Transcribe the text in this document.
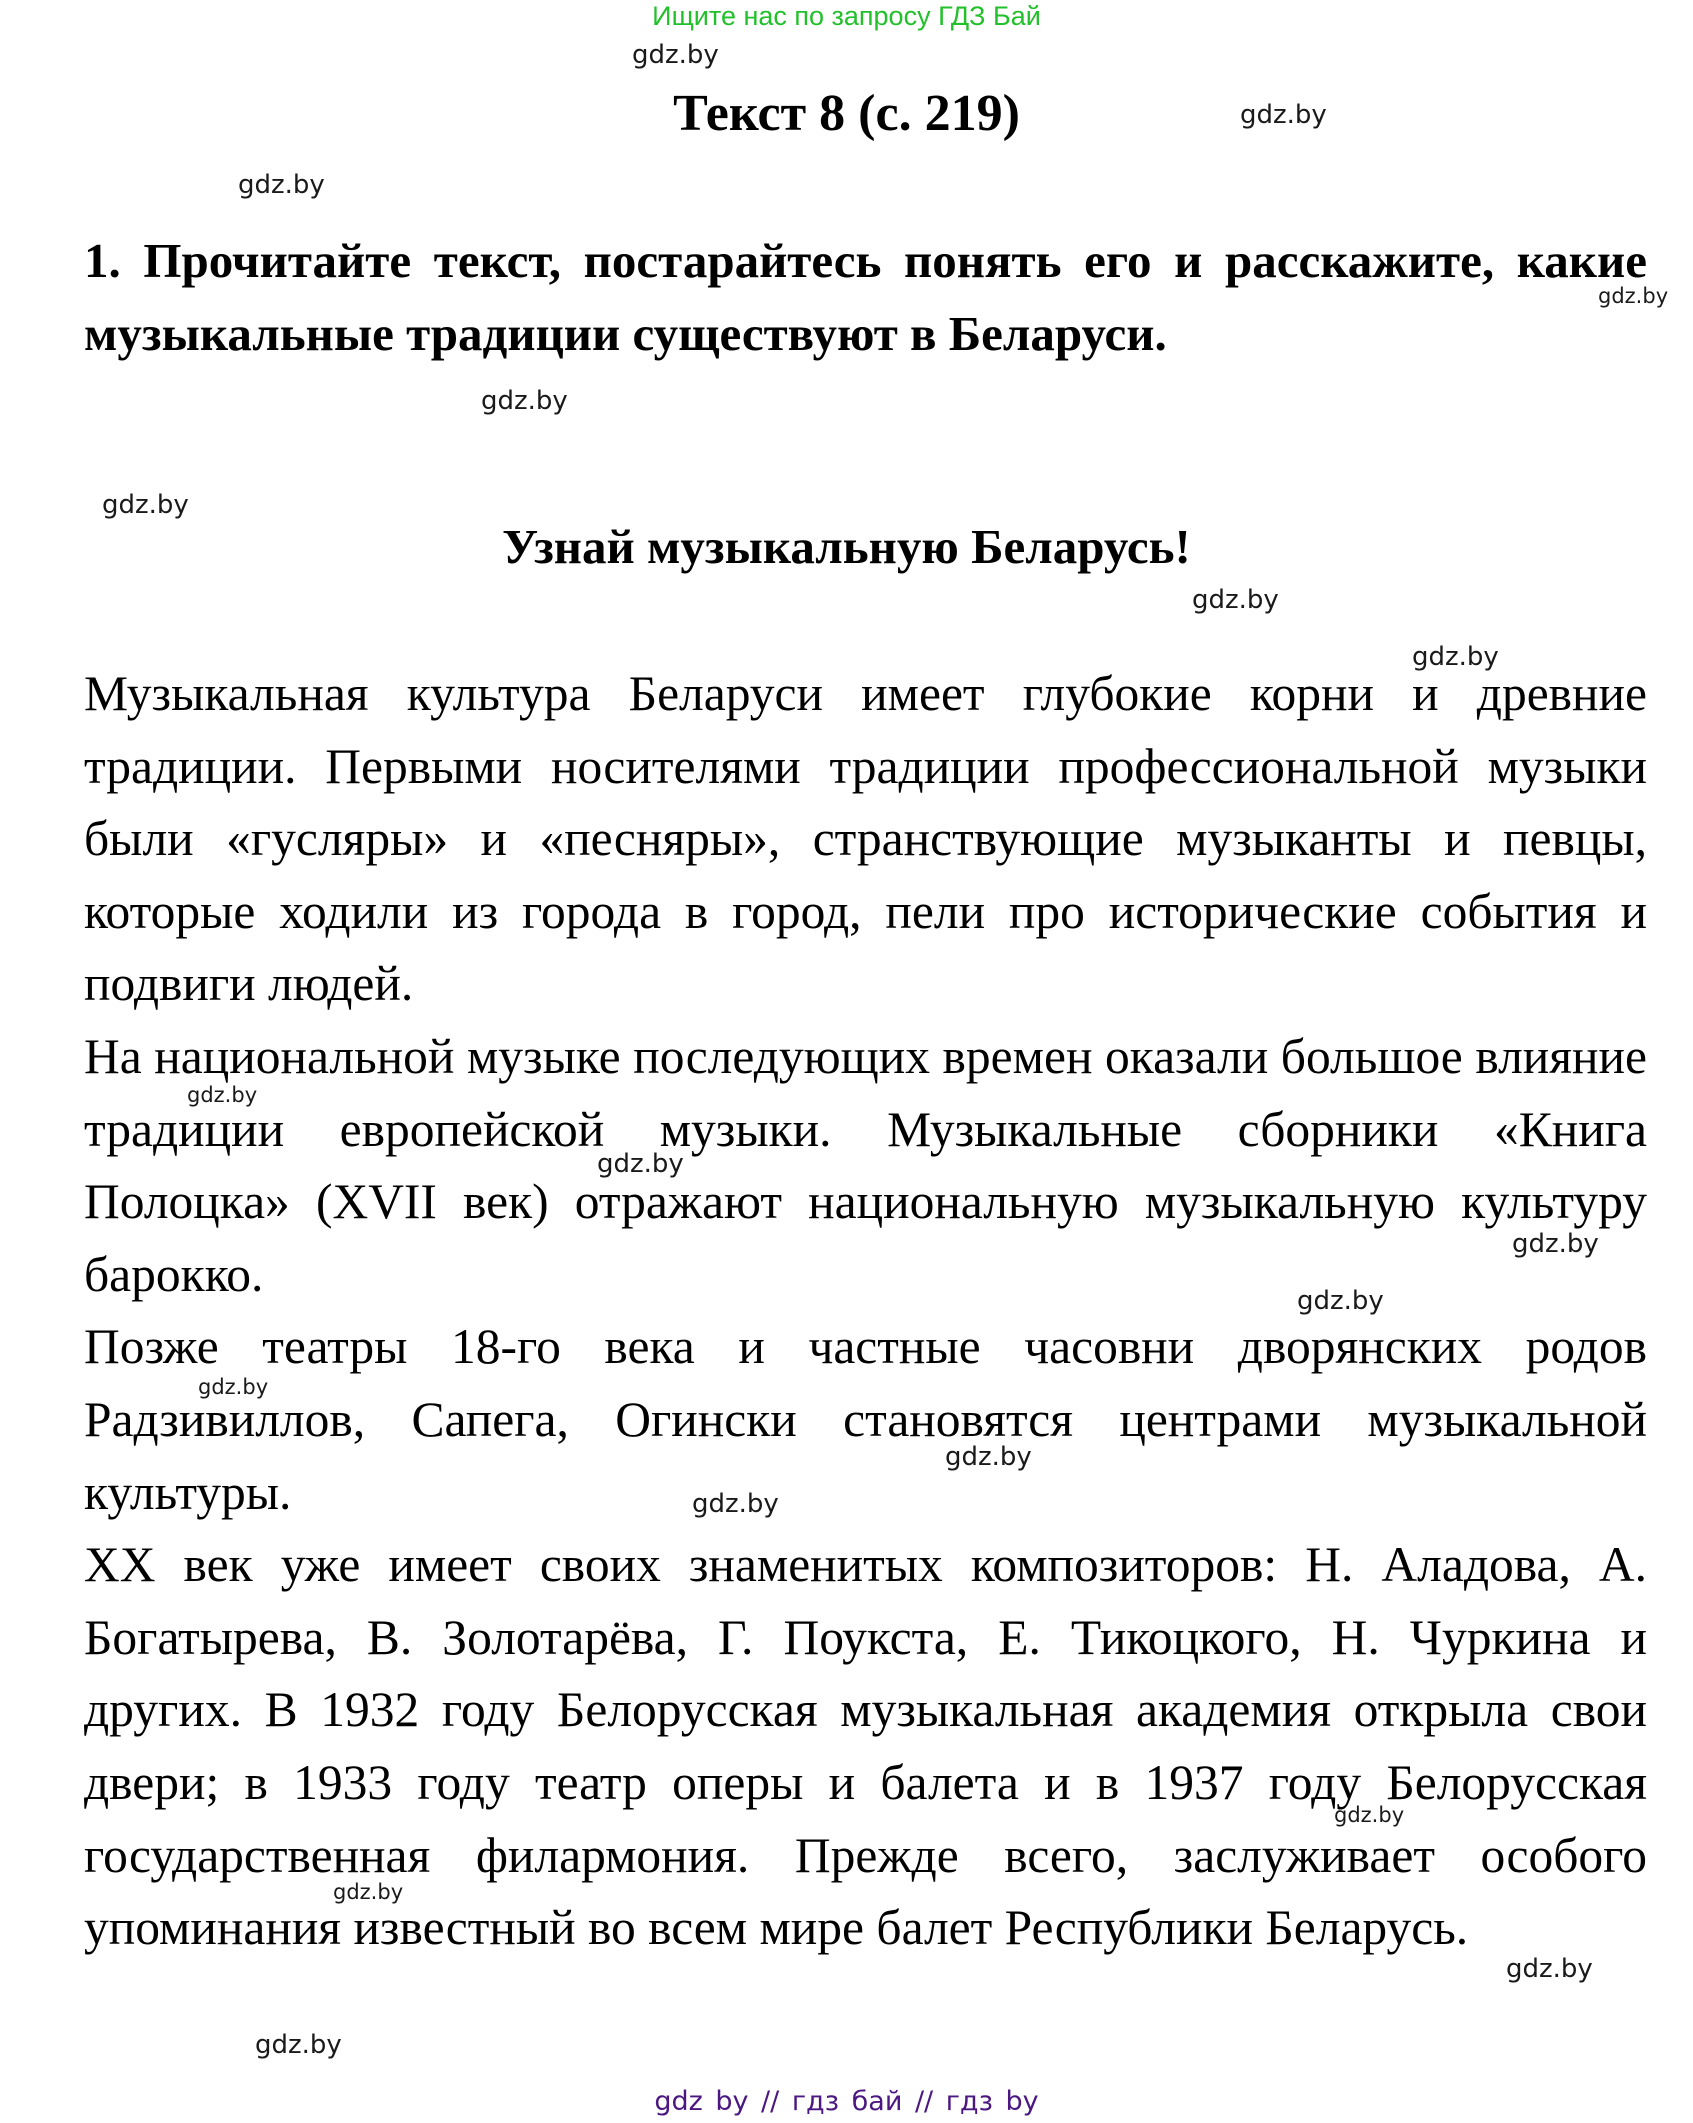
Ищите нас по запросу ГДЗ Бай
Текст 8 (с. 219)
1. Прочитайте текст, постарайтесь понять его и расскажите, какие музыкальные традиции существуют в Беларуси.
Узнай музыкальную Беларусь!

Музыкальная культура Беларуси имеет глубокие корни и древние традиции. Первыми носителями традиции профессиональной музыки были «гусляры» и «песняры», странствующие музыканты и певцы, которые ходили из города в город, пели про исторические события и подвиги людей.

На национальной музыке последующих времен оказали большое влияние традиции европейской музыки. Музыкальные сборники «Книга Полоцка» (XVII век) отражают национальную музыкальную культуру барокко.

Позже театры 18-го века и частные часовни дворянских родов Радзивиллов, Сапега, Огински становятся центрами музыкальной культуры.

XX век уже имеет своих знаменитых композиторов: Н. Аладова, А. Богатырева, В. Золотарёва, Г. Поукста, Е. Тикоцкого, Н. Чуркина и других. В 1932 году Белорусская музыкальная академия открыла свои двери; в 1933 году театр оперы и балета и в 1937 году Белорусская государственная филармония. Прежде всего, заслуживает особого упоминания известный во всем мире балет Республики Беларусь.

gdz.by
gdz.by
gdz.by
gdz.by
gdz.by
gdz.by
gdz.by
gdz.by
gdz.by
gdz.by
gdz.by
gdz.by
gdz.by
gdz.by
gdz.by
gdz.by
gdz.by
gdz.by
gdz.by
gdz by // гдз бай // гдз by
